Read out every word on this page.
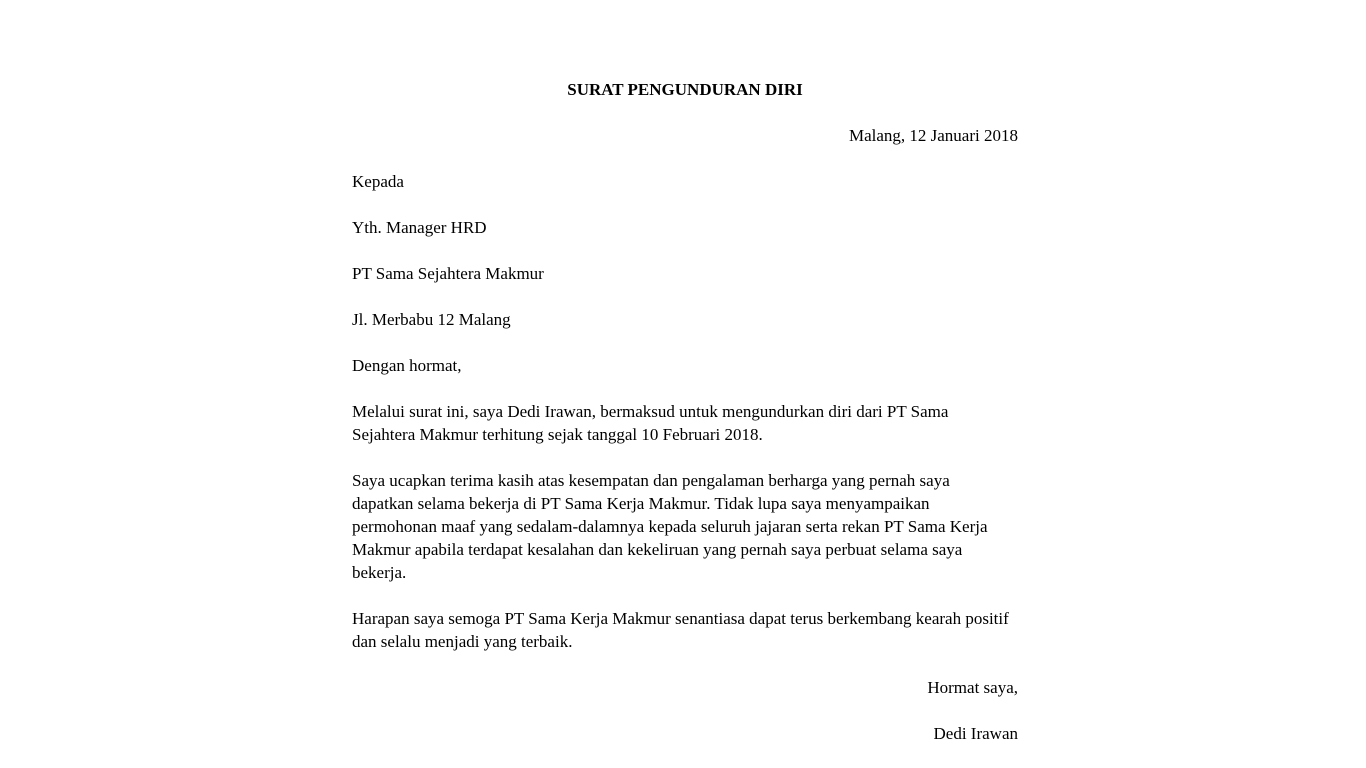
SURAT PENGUNDURAN DIRI
Malang, 12 Januari 2018
Kepada
Yth. Manager HRD
PT Sama Sejahtera Makmur
Jl. Merbabu 12 Malang
Dengan hormat,
Melalui surat ini, saya Dedi Irawan, bermaksud untuk mengundurkan diri dari PT Sama
Sejahtera Makmur terhitung sejak tanggal 10 Februari 2018.
Saya ucapkan terima kasih atas kesempatan dan pengalaman berharga yang pernah saya
dapatkan selama bekerja di PT Sama Kerja Makmur. Tidak lupa saya menyampaikan
permohonan maaf yang sedalam-dalamnya kepada seluruh jajaran serta rekan PT Sama Kerja
Makmur apabila terdapat kesalahan dan kekeliruan yang pernah saya perbuat selama saya
bekerja.
Harapan saya semoga PT Sama Kerja Makmur senantiasa dapat terus berkembang kearah positif
dan selalu menjadi yang terbaik.
Hormat saya,
Dedi Irawan
